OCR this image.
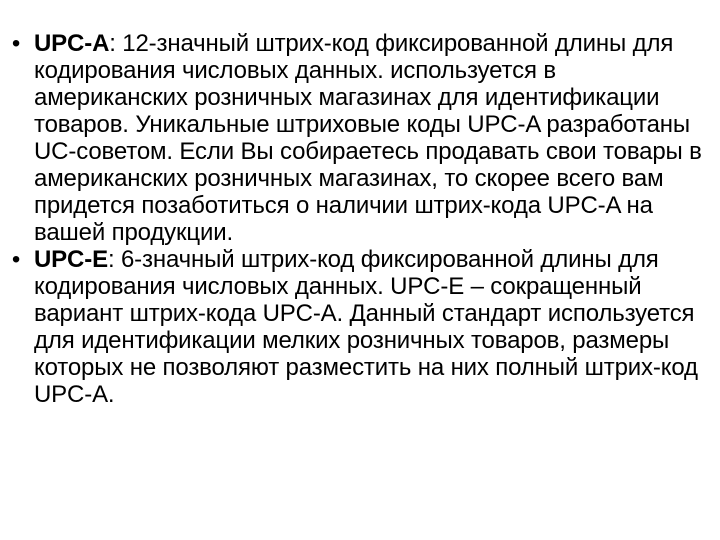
• UPC-A: 12-значный штрих-код фиксированной длины для кодирования числовых данных. используется в американских розничных магазинах для идентификации товаров. Уникальные штриховые коды UPC-A разработаны UC-советом. Если Вы собираетесь продавать свои товары в американских розничных магазинах, то скорее всего вам придется позаботиться о наличии штрих-кода UPC-A на вашей продукции.
• UPC-E: 6-значный штрих-код фиксированной длины для кодирования числовых данных. UPC-E – сокращенный вариант штрих-кода UPC-A. Данный стандарт используется для идентификации мелких розничных товаров, размеры которых не позволяют разместить на них полный штрих-код UPC-A.
